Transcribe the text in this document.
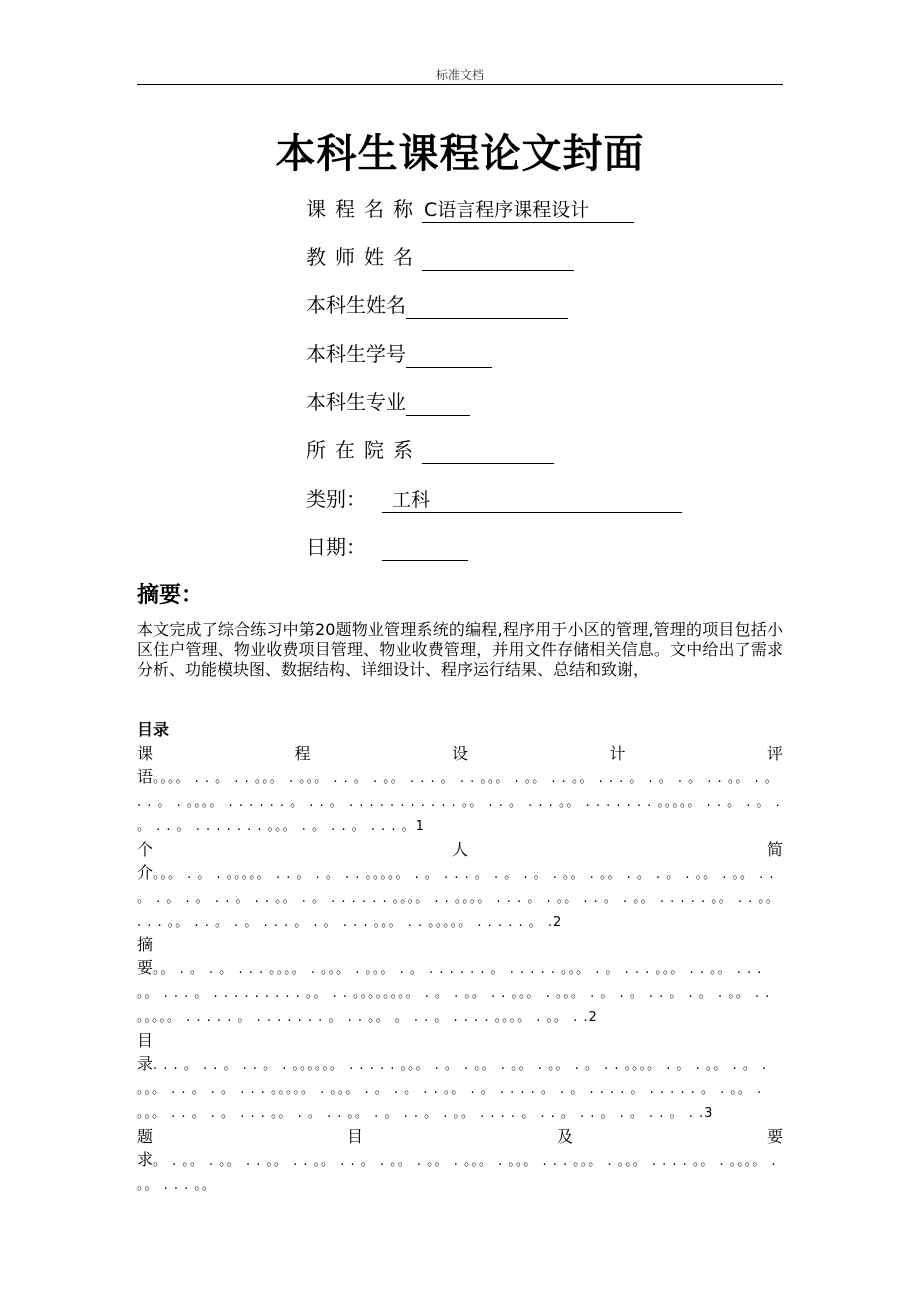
标准文档
本科生课程论文封面
课程名称C语言程序课程设计
教师姓名
本科生姓名
本科生学号
本科生专业
所在院系
类别： 工科
日期：
摘要：
本文完成了综合练习中第20题物业管理系统的编程,程序用于小区的管理,管理的项目包括小区住户管理、物业收费项目管理、物业收费管理，并用文件存储相关信息。文中给出了需求分析、功能模块图、数据结构、详细设计、程序运行结果、总结和致谢，
目录
课	程	设	计	评
语。。。。 . . 。 . . 。。。 . 。。。 . . 。 . 。。 . . . 。 . . 。。。 . 。。 . . 。。 . . . 。 . 。 . 。 . . 。。 . 。 . . 。 . 。。。。 . . . . . . 。 . . 。 . . . . . . . . . . . 。。 . . 。 . . . 。。 . . . . . . . 。。。。。 . . 。 . 。 . 。 . . 。 . . . . . . . 。。。 . 。 . . 。 . . . 。1
个	人	简
介。。。 . 。 . 。。。。。 . . 。 . 。 . . 。。。。。 . 。 . . . 。 . 。 . 。 . 。。 . 。。 . 。 . 。 . 。。 . 。。 . . 。 . 。 . 。 . . 。 . . 。。 . 。 . . . . . . 。。。。 . . 。。。。 . . . 。 . 。。 . . 。 . 。。 . . . . . 。。 . . 。。 . . . 。。 . . 。 . 。 . . . 。 . 。 . . . 。。。 . . 。。。。。 . . . . . 。 .2
摘
要。。 . 。 . 。 . . . 。。。。 . 。。。 . 。。。 . 。 . . . . . . 。 . . . . . 。。。 . 。 . . . 。。。 . . 。。 . . . 。。 . . . 。 . . . . . . . . . 。。 . . 。。。。。。。。 . 。 . 。。 . . 。。。 . 。。。 . 。 . 。 . . 。 . 。 . 。。 . . 。。。。。 . . . . . 。 . . . . . . . 。 . . 。。 。 . . 。 . . . . 。。。。 . 。。 . .2
目
录. . . 。 . . 。 . . 。 . 。。。。。。 . . . . . 。。。 . 。 . 。。 . 。。 . 。。 . 。 . . 。。。。 . 。 . 。。 . 。 . 。。。 . . 。 . 。 . . . 。。。。。 . 。。。 . 。 . 。 . . 。。 . 。 . . . . 。 . 。 . . . . 。 . . . . . 。 . 。。 . 。。。 . . 。 . 。 . . . 。。 . 。 . . 。。 . 。 . . 。 . 。。 . . . . 。 . . 。 . . 。 . 。 . . 。 . .3
题	目	及	要
求。 . 。。 . 。。 . . 。。 . . 。。 . . 。 . 。。 . 。。 . 。。。 . 。。。 . . . 。。。 . 。。。 . . . . 。。 . 。。。。 . 。。 . . . 。。
